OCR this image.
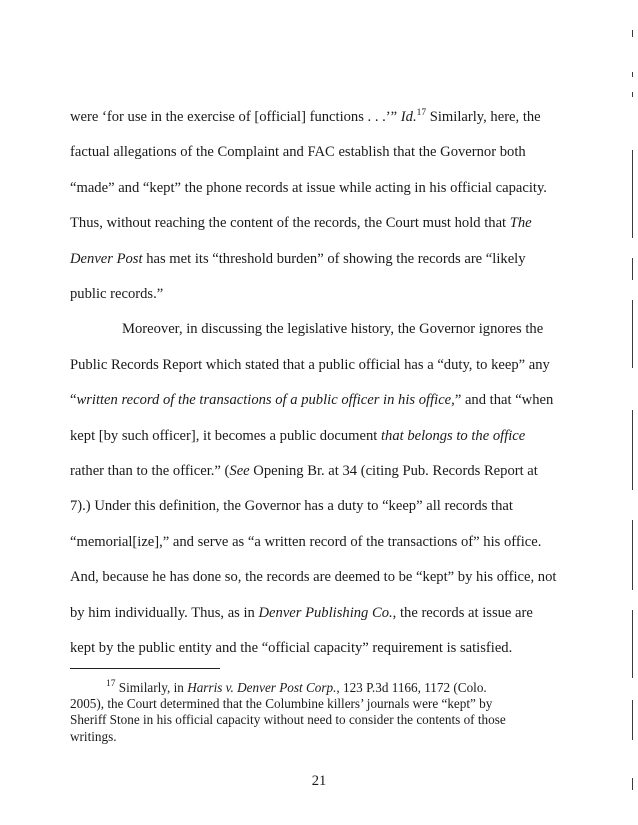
were ‘for use in the exercise of [official] functions . . .’” Id.$^{17}$ Similarly, here, the
factual allegations of the Complaint and FAC establish that the Governor both
“made” and “kept” the phone records at issue while acting in his official capacity.
Thus, without reaching the content of the records, the Court must hold that The
Denver Post has met its “threshold burden” of showing the records are “likely
public records.”
Moreover, in discussing the legislative history, the Governor ignores the
Public Records Report which stated that a public official has a “duty, to keep” any
“written record of the transactions of a public officer in his office,” and that “when
kept [by such officer], it becomes a public document that belongs to the office
rather than to the officer.” (See Opening Br. at 34 (citing Pub. Records Report at
7).) Under this definition, the Governor has a duty to “keep” all records that
“memorial[ize],” and serve as “a written record of the transactions of” his office.
And, because he has done so, the records are deemed to be “kept” by his office, not
by him individually. Thus, as in Denver Publishing Co., the records at issue are
kept by the public entity and the “official capacity” requirement is satisfied.
$^{17}$ Similarly, in Harris v. Denver Post Corp., 123 P.3d 1166, 1172 (Colo.
2005), the Court determined that the Columbine killers’ journals were “kept” by
Sheriff Stone in his official capacity without need to consider the contents of those
writings.
21
